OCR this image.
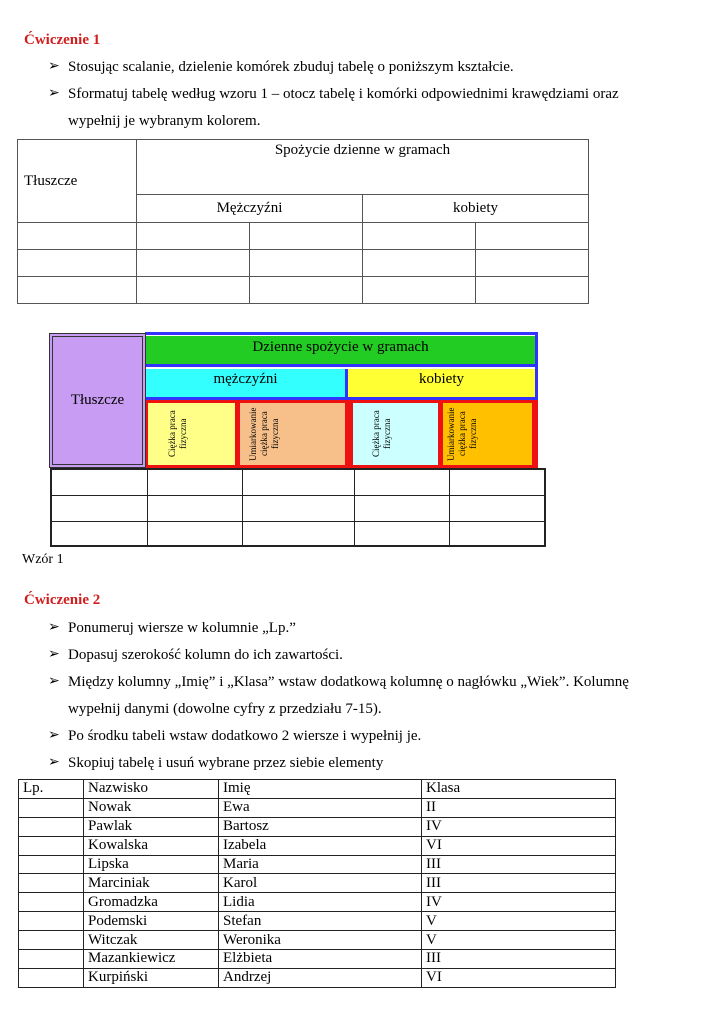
Ćwiczenie 1
➢ Stosując scalanie, dzielenie komórek zbuduj tabelę o poniższym kształcie.
➢ Sformatuj tabelę według wzoru 1 – otocz tabelę i komórki odpowiednimi krawędziami oraz
wypełnij je wybranym kolorem.
Tłuszcze	Spożycie dzienne w gramach			
	Mężczyźni		kobiety	

Tłuszcze
Dzienne spożycie w gramach
mężczyźni	kobiety
Ciężka praca fizyczna	Umiarkowanie ciężka praca fizyczna	Ciężka praca fizyczna	Umiarkowanie ciężka praca fizyczna

Wzór 1
Ćwiczenie 2
➢ Ponumeruj wiersze w kolumnie „Lp.”
➢ Dopasuj szerokość kolumn do ich zawartości.
➢ Między kolumny „Imię” i „Klasa” wstaw dodatkową kolumnę o nagłówku „Wiek”. Kolumnę
wypełnij danymi (dowolne cyfry z przedziału 7-15).
➢ Po środku tabeli wstaw dodatkowo 2 wiersze i wypełnij je.
➢ Skopiuj tabelę i usuń wybrane przez siebie elementy
Lp.	Nazwisko	Imię	Klasa
	Nowak	Ewa	II
	Pawlak	Bartosz	IV
	Kowalska	Izabela	VI
	Lipska	Maria	III
	Marciniak	Karol	III
	Gromadzka	Lidia	IV
	Podemski	Stefan	V
	Witczak	Weronika	V
	Mazankiewicz	Elżbieta	III
	Kurpiński	Andrzej	VI
